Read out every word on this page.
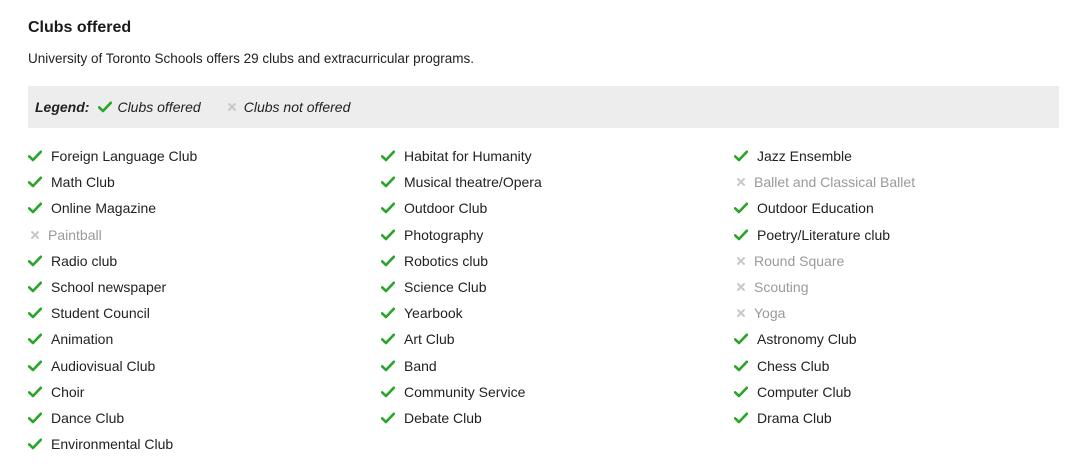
Clubs offered
University of Toronto Schools offers 29 clubs and extracurricular programs.
Legend: Clubs offered	Clubs not offered
Foreign Language Club
Math Club
Online Magazine
Paintball
Radio club
School newspaper
Student Council
Animation
Audiovisual Club
Choir
Dance Club
Environmental Club
Habitat for Humanity
Musical theatre/Opera
Outdoor Club
Photography
Robotics club
Science Club
Yearbook
Art Club
Band
Community Service
Debate Club
Jazz Ensemble
Ballet and Classical Ballet
Outdoor Education
Poetry/Literature club
Round Square
Scouting
Yoga
Astronomy Club
Chess Club
Computer Club
Drama Club
